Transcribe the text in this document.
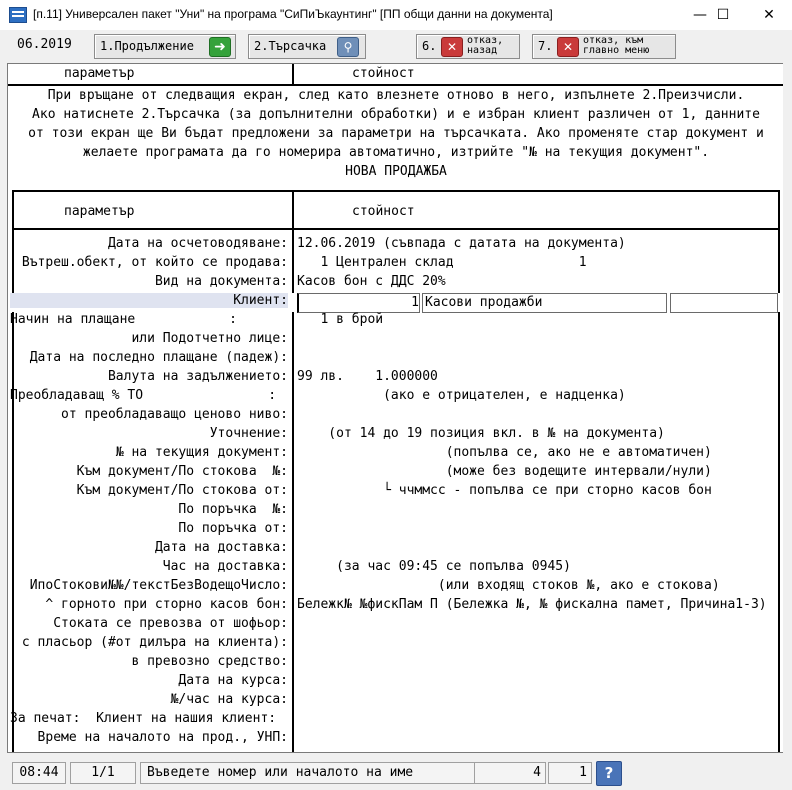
[п.11] Универсален пакет "Уни" на програма "СиПиЪкаунтинг" [ПП общи данни на документа]	— ☐	✕
06.2019 1.Продължение	➜	2.Търсачка	⚲	6. ✕ отказ,
назад	7. ✕ отказ, към
главно меню
параметър	стойност
При връщане от следващия екран, след като влезнете отново в него, изпълнете 2.Преизчисли.
Ако натиснете 2.Търсачка (за допълнителни обработки) и е избран клиент различен от 1, данните
от този екран ще Ви бъдат предложени за параметри на търсачката. Ако променяте стар документ и
желаете програмата да го номерира автоматично, изтрийте "№ на текущия документ".
НОВА ПРОДАЖБА
параметър	стойност
Дата на осчетоводяване: 12.06.2019 (съвпада с датата на документа)
Вътреш.обект, от който се продава: 1 Централен склад                1
Вид на документа: Касов бон с ДДС 20%
Клиент:	1 Касови продажби
Начин на плащане            :	1 в брой
или Подотчетно лице:
Дата на последно плащане (падеж):
Валута на задължението: 99 лв.    1.000000
Преобладаващ % ТО                :	(ако е отрицателен, е надценка)
от преобладаващо ценово ниво:
Уточнение: (от 14 до 19 позиция вкл. в № на документа)
№ на текущия документ: (попълва се, ако не е автоматичен)
Към документ/По стокова  №: (може без водещите интервали/нули)
Към документ/По стокова от: └ ччммсс - попълва се при сторно касов бон
По поръчка  №:
По поръчка от:
Дата на доставка:
Час на доставка: (за час 09:45 се попълва 0945)
ИпоСтокови№№/текстБезВодещоЧисло: (или входящ стоков №, ако е стокова)
^ горното при сторно касов бон: Бележк№ №фискПам П (Бележка №, № фискална памет, Причина1-3)
Стоката се превозва от шофьор:
с пласьор (#от дилъра на клиента):
в превозно средство:
Дата на курса:
№/час на курса:
За печат:  Клиент на нашия клиент:
Време на началото на прод., УНП:
08:44	1/1	Въведете номер или началото на име	4	1	?
